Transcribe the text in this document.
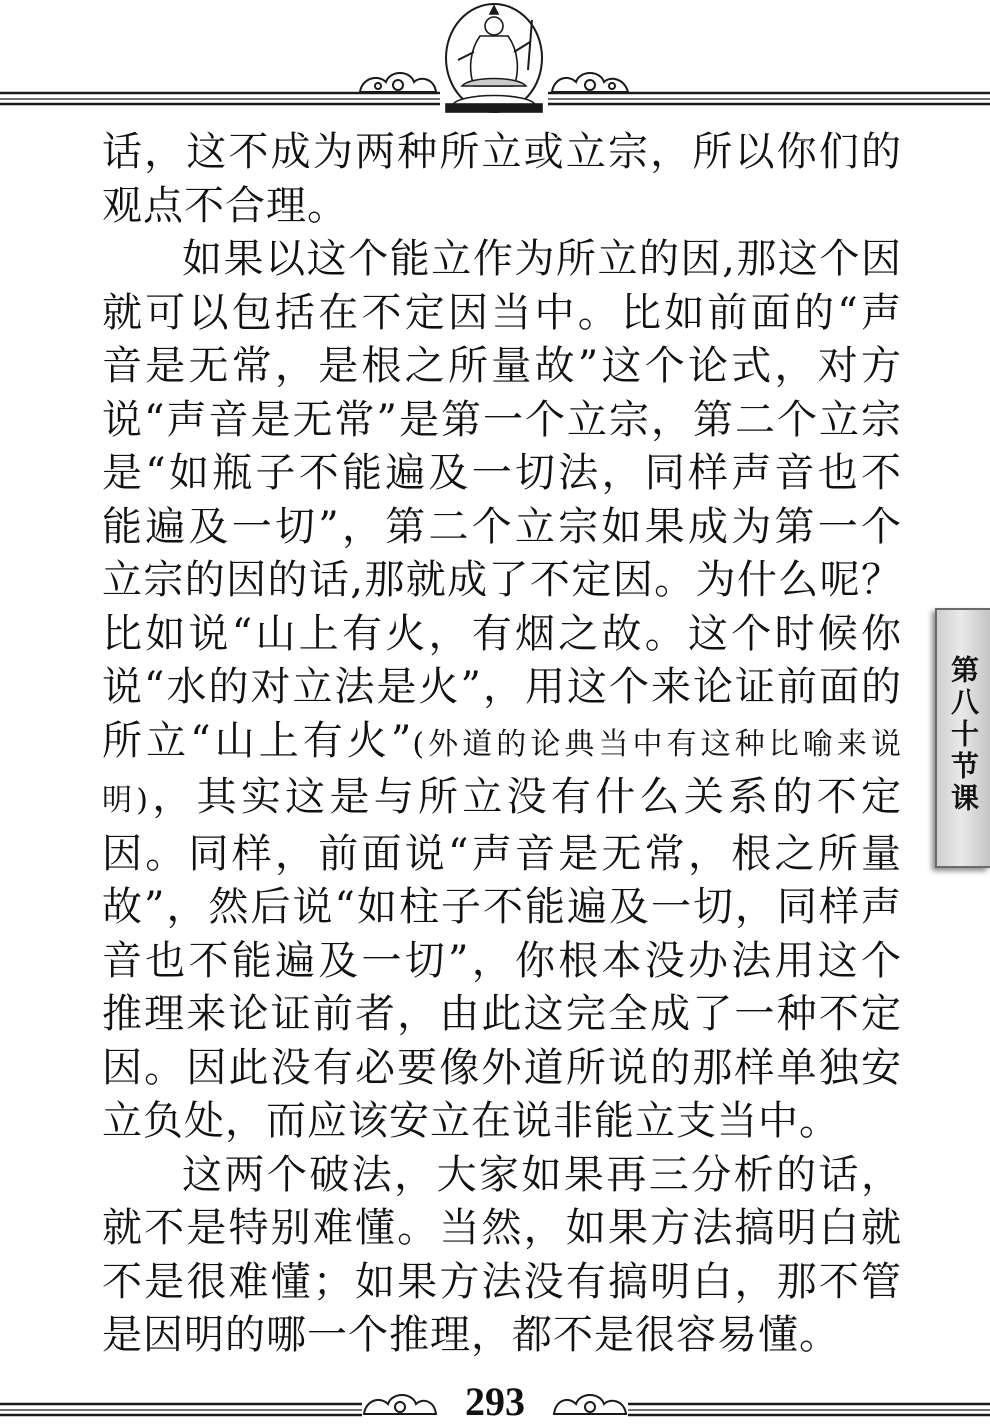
话，这不成为两种所立或立宗，所以你们的观点不合理。

如果以这个能立作为所立的因,那这个因就可以包括在不定因当中。比如前面的“声音是无常，是根之所量故”这个论式，对方说“声音是无常”是第一个立宗，第二个立宗是“如瓶子不能遍及一切法，同样声音也不能遍及一切”，第二个立宗如果成为第一个立宗的因的话,那就成了不定因。为什么呢？比如说“山上有火，有烟之故。这个时候你说“水的对立法是火”，用这个来论证前面的所立“山上有火”(外道的论典当中有这种比喻来说明)，其实这是与所立没有什么关系的不定因。同样，前面说“声音是无常，根之所量故”，然后说“如柱子不能遍及一切，同样声音也不能遍及一切”，你根本没办法用这个推理来论证前者，由此这完全成了一种不定因。因此没有必要像外道所说的那样单独安立负处，而应该安立在说非能立支当中。

这两个破法，大家如果再三分析的话，就不是特别难懂。当然，如果方法搞明白就不是很难懂；如果方法没有搞明白，那不管是因明的哪一个推理，都不是很容易懂。

第八十节课
293
